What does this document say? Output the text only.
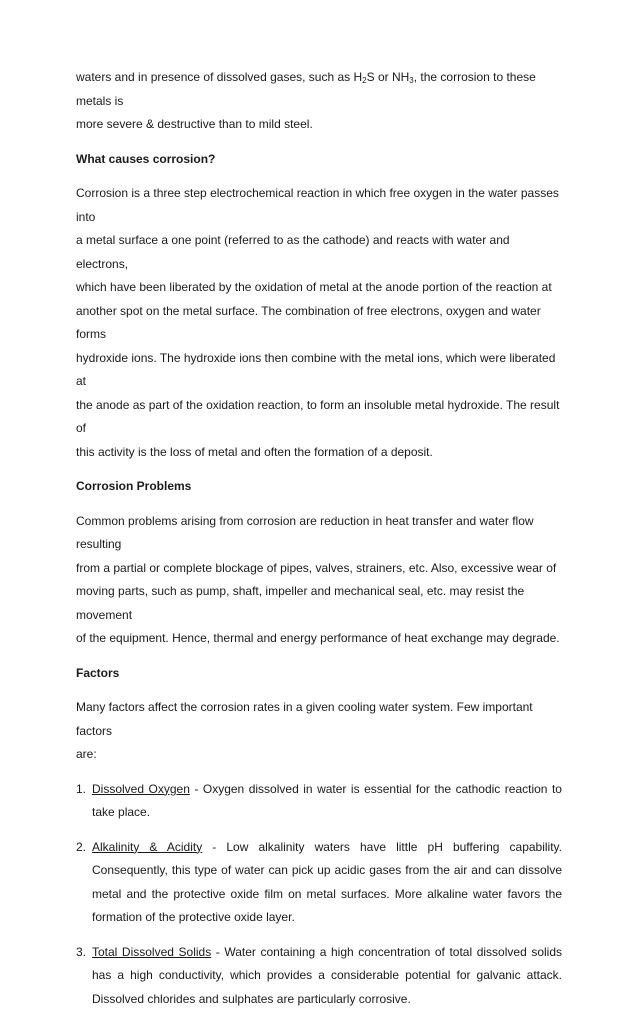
waters and in presence of dissolved gases, such as $H_2S$ or $NH_3$, the corrosion to these metals is
more severe & destructive than to mild steel.

What causes corrosion?

Corrosion is a three step electrochemical reaction in which free oxygen in the water passes into
a metal surface a one point (referred to as the cathode) and reacts with water and electrons,
which have been liberated by the oxidation of metal at the anode portion of the reaction at
another spot on the metal surface. The combination of free electrons, oxygen and water forms
hydroxide ions. The hydroxide ions then combine with the metal ions, which were liberated at
the anode as part of the oxidation reaction, to form an insoluble metal hydroxide. The result of
this activity is the loss of metal and often the formation of a deposit.

Corrosion Problems

Common problems arising from corrosion are reduction in heat transfer and water flow resulting
from a partial or complete blockage of pipes, valves, strainers, etc. Also, excessive wear of
moving parts, such as pump, shaft, impeller and mechanical seal, etc. may resist the movement
of the equipment. Hence, thermal and energy performance of heat exchange may degrade.

Factors

Many factors affect the corrosion rates in a given cooling water system. Few important factors
are:

1. Dissolved Oxygen - Oxygen dissolved in water is essential for the cathodic reaction to take place.
2. Alkalinity & Acidity - Low alkalinity waters have little pH buffering capability. Consequently, this type of water can pick up acidic gases from the air and can dissolve metal and the protective oxide film on metal surfaces. More alkaline water favors the formation of the protective oxide layer.
3. Total Dissolved Solids - Water containing a high concentration of total dissolved solids has a high conductivity, which provides a considerable potential for galvanic attack. Dissolved chlorides and sulphates are particularly corrosive.
